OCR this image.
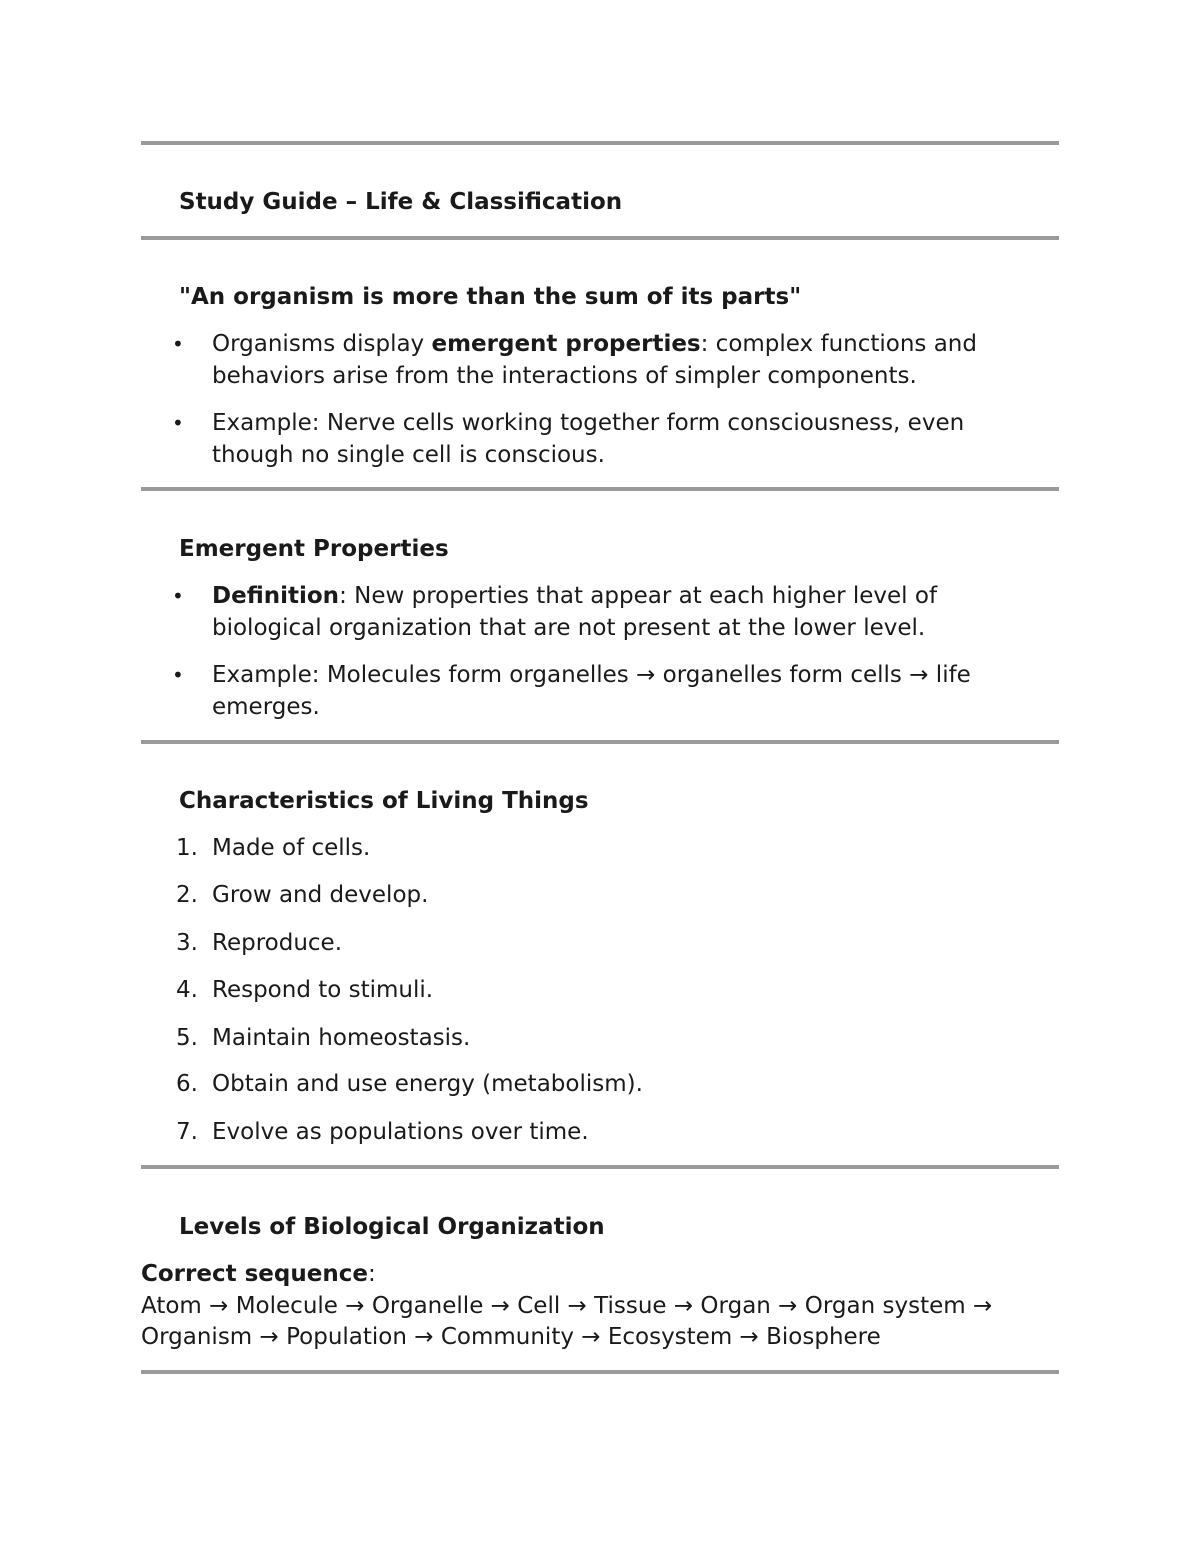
Study Guide – Life & Classification
"An organism is more than the sum of its parts"
• Organisms display emergent properties: complex functions and behaviors arise from the interactions of simpler components.
• Example: Nerve cells working together form consciousness, even though no single cell is conscious.
Emergent Properties
• Definition: New properties that appear at each higher level of biological organization that are not present at the lower level.
• Example: Molecules form organelles → organelles form cells → life emerges.
Characteristics of Living Things
1. Made of cells.
2. Grow and develop.
3. Reproduce.
4. Respond to stimuli.
5. Maintain homeostasis.
6. Obtain and use energy (metabolism).
7. Evolve as populations over time.
Levels of Biological Organization
Correct sequence:
Atom → Molecule → Organelle → Cell → Tissue → Organ → Organ system →
Organism → Population → Community → Ecosystem → Biosphere
